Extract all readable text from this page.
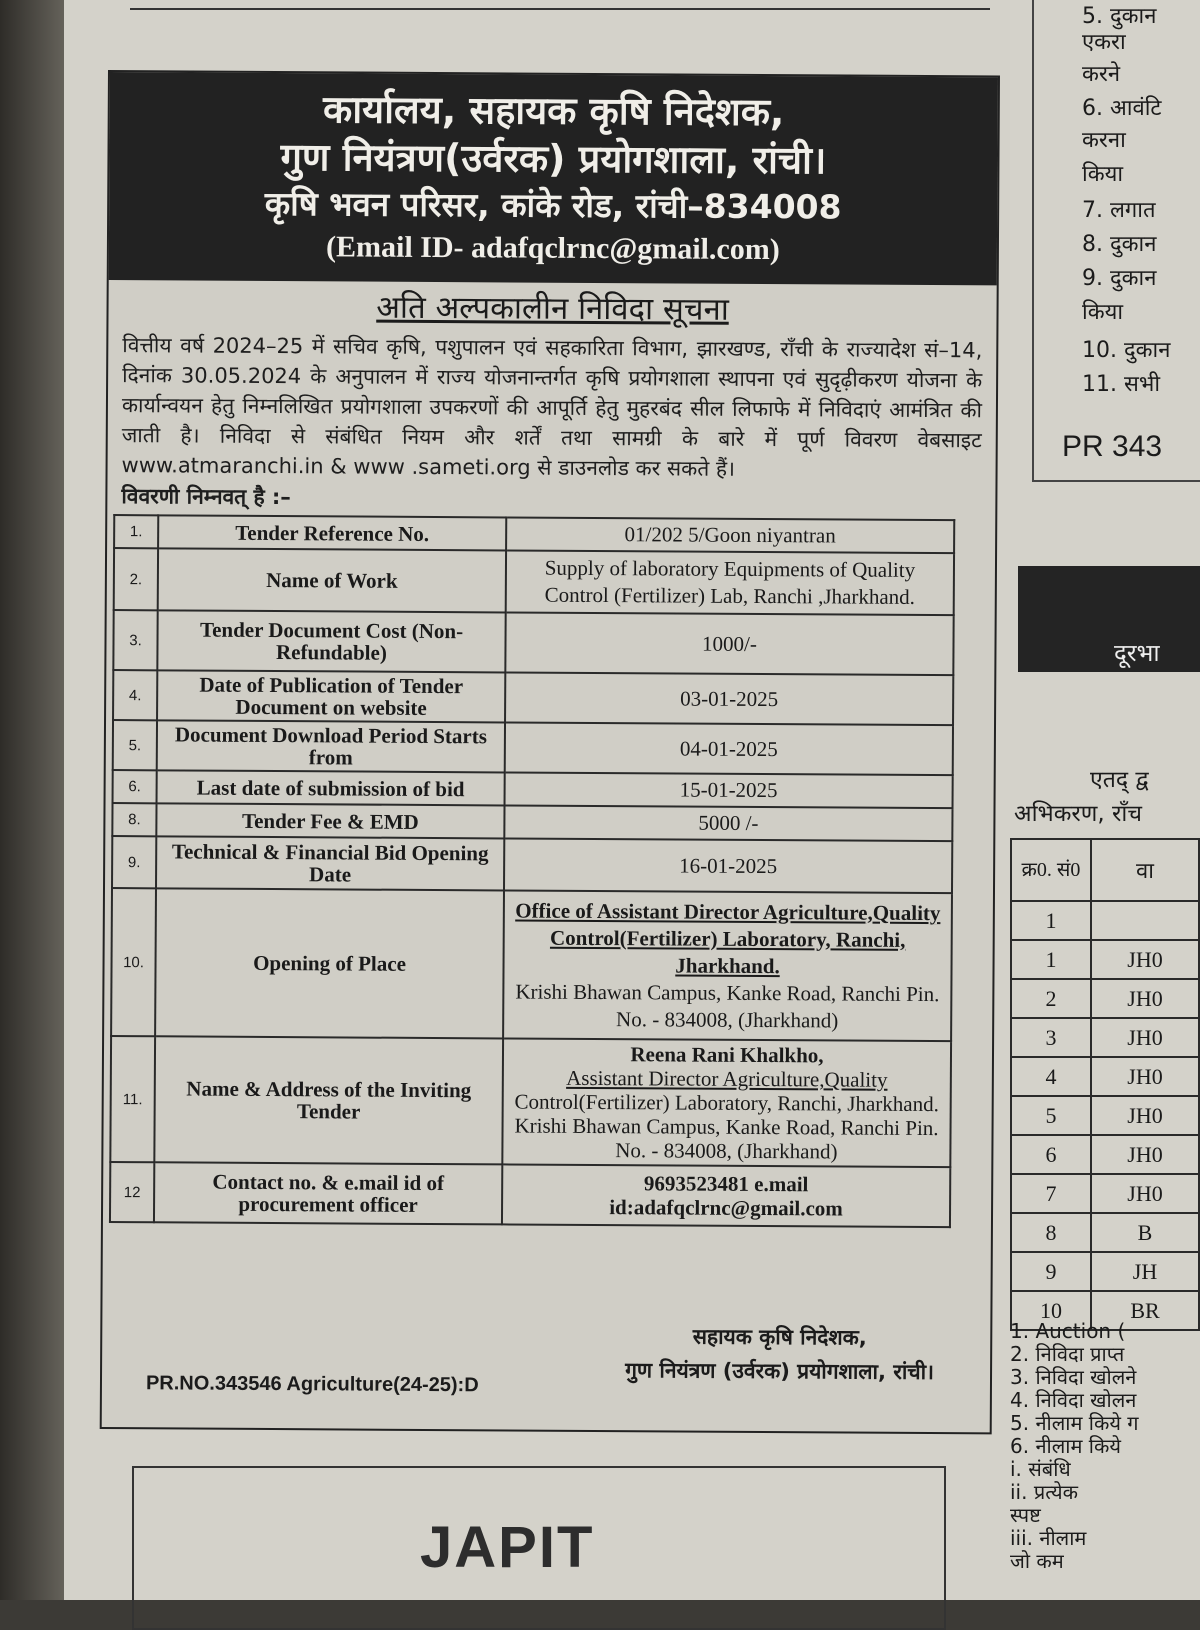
कार्यालय, सहायक कृषि निदेशक,
गुण नियंत्रण(उर्वरक) प्रयोगशाला, रांची।
कृषि भवन परिसर, कांके रोड, रांची–834008
(Email ID- adafqclrnc@gmail.com)
अति अल्पकालीन निविदा सूचना
वित्तीय वर्ष 2024–25 में सचिव कृषि, पशुपालन एवं सहकारिता विभाग, झारखण्ड, राँची के राज्यादेश सं–14, दिनांक 30.05.2024 के अनुपालन में राज्य योजनान्तर्गत कृषि प्रयोगशाला स्थापना एवं सुदृढ़ीकरण योजना के कार्यान्वयन हेतु निम्नलिखित प्रयोगशाला उपकरणों की आपूर्ति हेतु मुहरबंद सील लिफाफे में निविदाएं आमंत्रित की जाती है। निविदा से संबंधित नियम और शर्तें तथा सामग्री के बारे में पूर्ण विवरण वेबसाइट www.atmaranchi.in & www .sameti.org से डाउनलोड कर सकते हैं।
विवरणी निम्नवत् है :–
1.	Tender Reference No.	01/202 5/Goon niyantran
2.	Name of Work	Supply of laboratory Equipments of Quality Control (Fertilizer) Lab, Ranchi ,Jharkhand.
3.	Tender Document Cost (Non- Refundable)	1000/-
4.	Date of Publication of Tender Document on website	03-01-2025
5.	Document Download Period Starts from	04-01-2025
6.	Last date of submission of bid	15-01-2025
8.	Tender Fee & EMD	5000 /-
9.	Technical & Financial Bid Opening Date	16-01-2025
10.	Opening of Place	Office of Assistant Director Agriculture,Quality Control(Fertilizer) Laboratory, Ranchi, Jharkhand.
Krishi Bhawan Campus, Kanke Road, Ranchi Pin. No. - 834008, (Jharkhand)

11.	Name & Address of the Inviting Tender	Reena Rani Khalkho,
Assistant Director Agriculture,Quality
Control(Fertilizer) Laboratory, Ranchi, Jharkhand. Krishi Bhawan Campus, Kanke Road, Ranchi Pin. No. - 834008, (Jharkhand)

12	Contact no. & e.mail id of procurement officer	9693523481 e.mail
id:adafqclrnc@gmail.com
सहायक कृषि निदेशक,
गुण नियंत्रण (उर्वरक) प्रयोगशाला, रांची।
PR.NO.343546 Agriculture(24-25):D
5. दुकान
एकरा
करने
6. आवंटि
करना
किया
7. लगात
8. दुकान
9. दुकान
किया
10. दुकान
11. सभी
PR 343
दूरभा
एतद् द्व
अभिकरण, राँच
क्र0. सं0	वा
1	
1	JH0
2	JH0
3	JH0
4	JH0
5	JH0
6	JH0
7	JH0
8	B
9	JH
10	BR
1. Auction (
2. निविदा प्राप्त
3. निविदा खोलने
4. निविदा खोलन
5. नीलाम किये ग
6. नीलाम किये
i. संबंधि
ii. प्रत्येक
स्पष्ट
iii. नीलाम
जो कम
JAPIT
